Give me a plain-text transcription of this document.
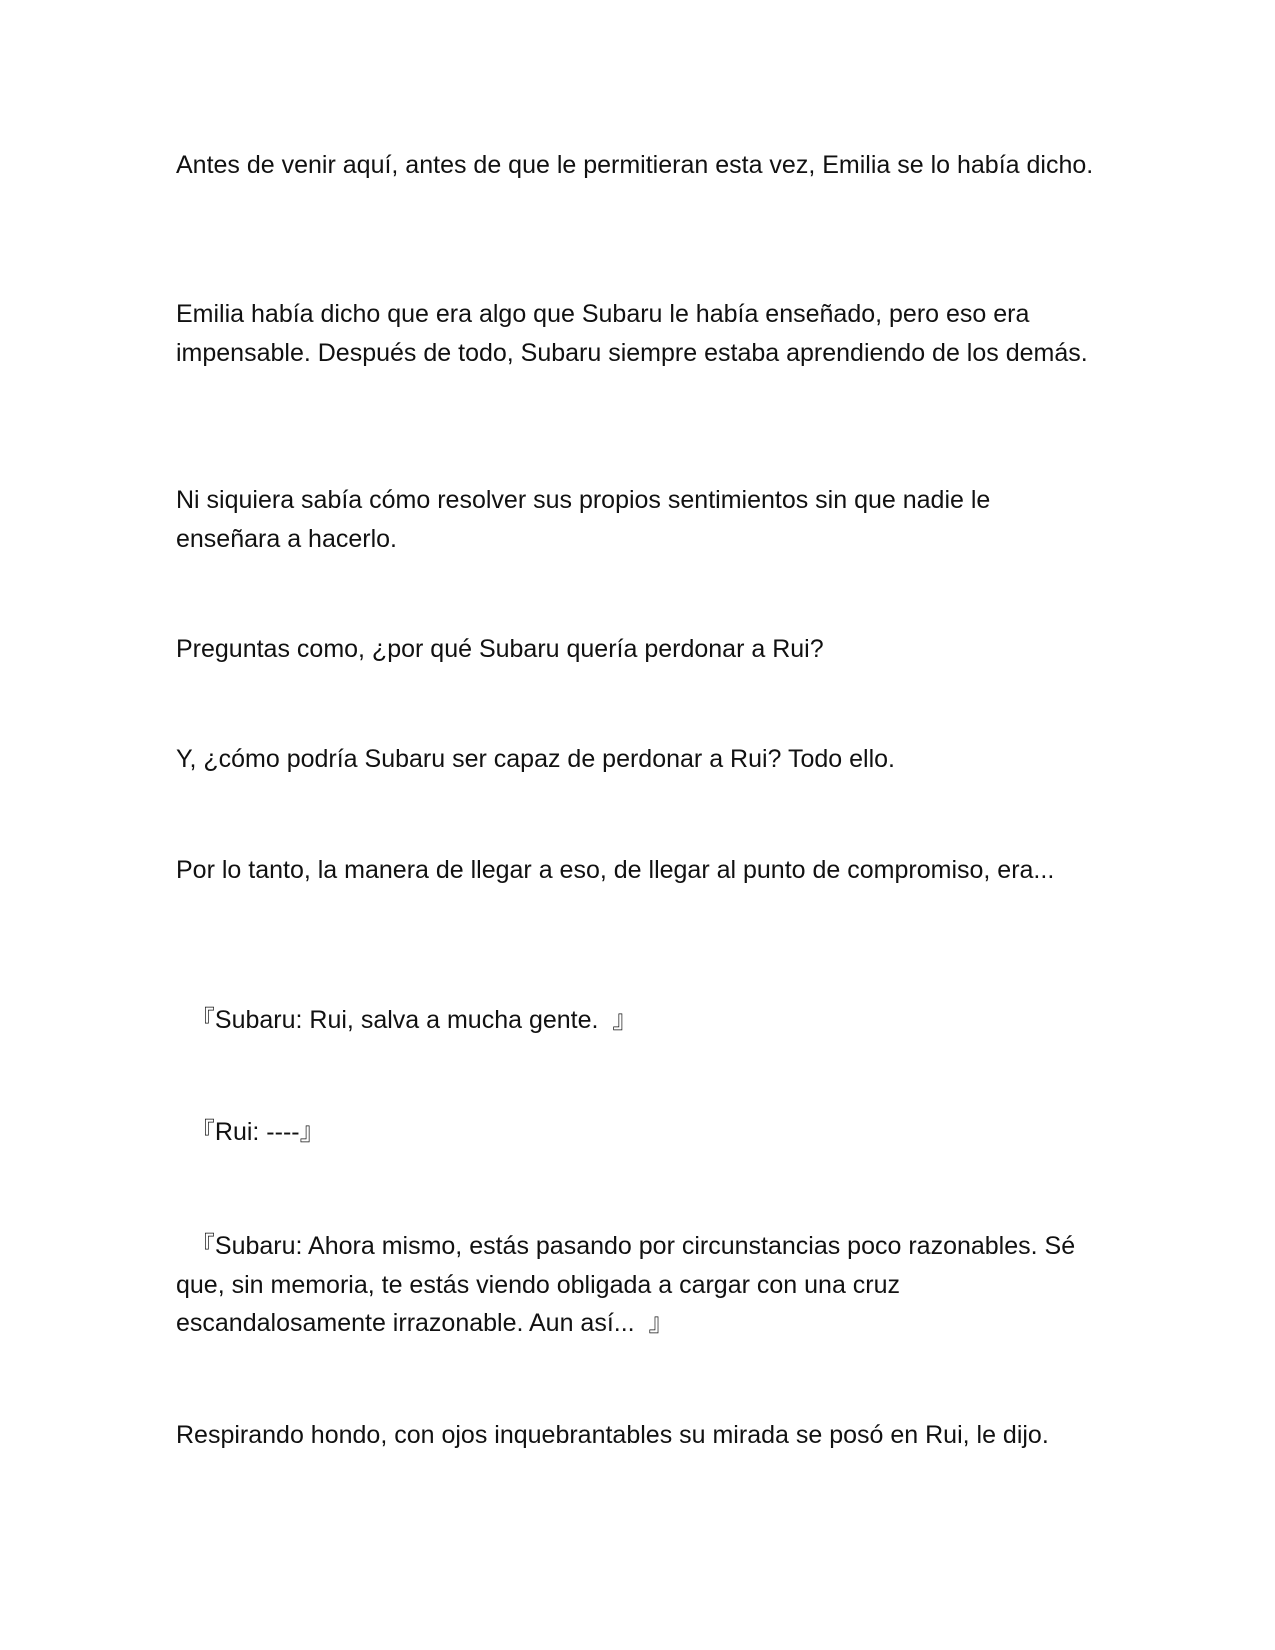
Antes de venir aquí, antes de que le permitieran esta vez, Emilia se lo había dicho.

Emilia había dicho que era algo que Subaru le había enseñado, pero eso era impensable. Después de todo, Subaru siempre estaba aprendiendo de los demás.

Ni siquiera sabía cómo resolver sus propios sentimientos sin que nadie le enseñara a hacerlo.

Preguntas como, ¿por qué Subaru quería perdonar a Rui?

Y, ¿cómo podría Subaru ser capaz de perdonar a Rui? Todo ello.

Por lo tanto, la manera de llegar a eso, de llegar al punto de compromiso, era...

『Subaru: Rui, salva a mucha gente.  』

『Rui: ----』

『Subaru: Ahora mismo, estás pasando por circunstancias poco razonables. Sé que, sin memoria, te estás viendo obligada a cargar con una cruz escandalosamente irrazonable. Aun así...  』

Respirando hondo, con ojos inquebrantables su mirada se posó en Rui, le dijo.
